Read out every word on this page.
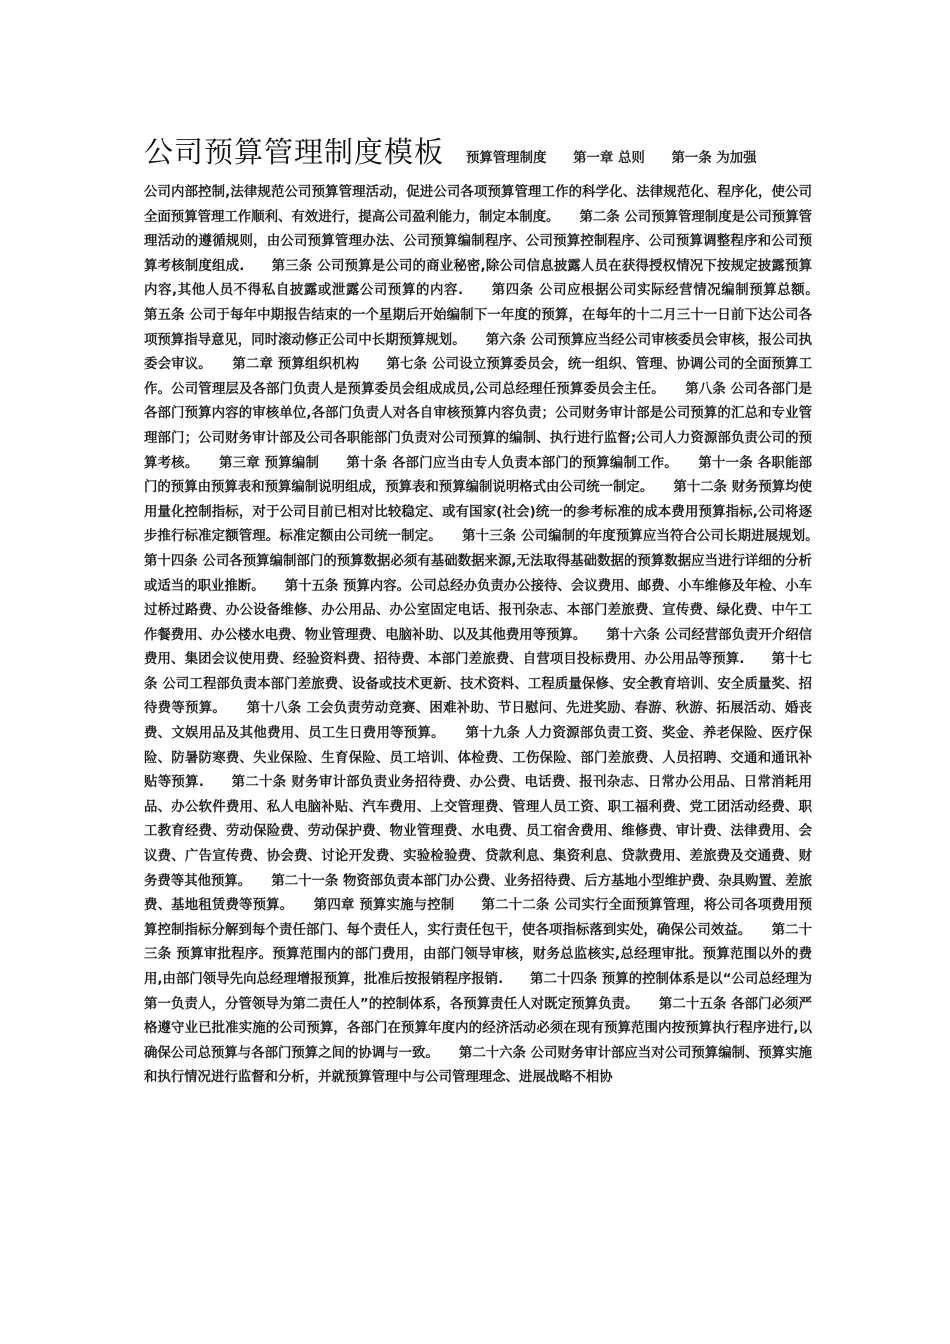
公司预算管理制度模板 预算管理制度　　第一章 总则　　第一条 为加强

公司内部控制,法律规范公司预算管理活动，促进公司各项预算管理工作的科学化、法律规范化、程序化，使公司全面预算管理工作顺利、有效进行，提高公司盈利能力，制定本制度。　　第二条 公司预算管理制度是公司预算管理活动的遵循规则，由公司预算管理办法、公司预算编制程序、公司预算控制程序、公司预算调整程序和公司预算考核制度组成.　　第三条 公司预算是公司的商业秘密,除公司信息披露人员在获得授权情况下按规定披露预算内容,其他人员不得私自披露或泄露公司预算的内容.　　第四条 公司应根据公司实际经营情况编制预算总额。　　第五条 公司于每年中期报告结束的一个星期后开始编制下一年度的预算，在每年的十二月三十一日前下达公司各项预算指导意见，同时滚动修正公司中长期预算规划。　　第六条 公司预算应当经公司审核委员会审核，报公司执委会审议。　　第二章 预算组织机构　　第七条 公司设立预算委员会，统一组织、管理、协调公司的全面预算工作。公司管理层及各部门负责人是预算委员会组成成员,公司总经理任预算委员会主任。　　第八条 公司各部门是各部门预算内容的审核单位,各部门负责人对各自审核预算内容负责；公司财务审计部是公司预算的汇总和专业管理部门；公司财务审计部及公司各职能部门负责对公司预算的编制、执行进行监督;公司人力资源部负责公司的预算考核。　　第三章 预算编制　　第十条 各部门应当由专人负责本部门的预算编制工作。　　第十一条 各职能部门的预算由预算表和预算编制说明组成，预算表和预算编制说明格式由公司统一制定。　　第十二条 财务预算均使用量化控制指标，对于公司目前已相对比较稳定、或有国家(社会)统一的参考标准的成本费用预算指标,公司将逐步推行标准定额管理。标准定额由公司统一制定。　　第十三条 公司编制的年度预算应当符合公司长期进展规划。　　第十四条 公司各预算编制部门的预算数据必须有基础数据来源,无法取得基础数据的预算数据应当进行详细的分析或适当的职业推断。　　第十五条 预算内容。公司总经办负责办公接待、会议费用、邮费、小车维修及年检、小车过桥过路费、办公设备维修、办公用品、办公室固定电话、报刊杂志、本部门差旅费、宣传费、绿化费、中午工作餐费用、办公楼水电费、物业管理费、电脑补助、以及其他费用等预算。　　第十六条 公司经营部负责开介绍信费用、集团会议使用费、经验资料费、招待费、本部门差旅费、自营项目投标费用、办公用品等预算.　　第十七条 公司工程部负责本部门差旅费、设备或技术更新、技术资料、工程质量保修、安全教育培训、安全质量奖、招待费等预算。　　第十八条 工会负责劳动竞赛、困难补助、节日慰问、先进奖励、春游、秋游、拓展活动、婚丧费、文娱用品及其他费用、员工生日费用等预算。　　第十九条 人力资源部负责工资、奖金、养老保险、医疗保险、防暑防寒费、失业保险、生育保险、员工培训、体检费、工伤保险、部门差旅费、人员招聘、交通和通讯补贴等预算.　　第二十条 财务审计部负责业务招待费、办公费、电话费、报刊杂志、日常办公用品、日常消耗用品、办公软件费用、私人电脑补贴、汽车费用、上交管理费、管理人员工资、职工福利费、党工团活动经费、职工教育经费、劳动保险费、劳动保护费、物业管理费、水电费、员工宿舍费用、维修费、审计费、法律费用、会议费、广告宣传费、协会费、讨论开发费、实验检验费、贷款利息、集资利息、贷款费用、差旅费及交通费、财务费等其他预算。　　第二十一条 物资部负责本部门办公费、业务招待费、后方基地小型维护费、杂具购置、差旅费、基地租赁费等预算。　　第四章 预算实施与控制　　第二十二条 公司实行全面预算管理，将公司各项费用预算控制指标分解到每个责任部门、每个责任人，实行责任包干，使各项指标落到实处，确保公司效益。　　第二十三条 预算审批程序。预算范围内的部门费用，由部门领导审核，财务总监核实,总经理审批。预算范围以外的费用,由部门领导先向总经理增报预算，批准后按报销程序报销.　　第二十四条 预算的控制体系是以“公司总经理为第一负责人，分管领导为第二责任人”的控制体系，各预算责任人对既定预算负责。　　第二十五条 各部门必须严格遵守业已批准实施的公司预算，各部门在预算年度内的经济活动必须在现有预算范围内按预算执行程序进行,以确保公司总预算与各部门预算之间的协调与一致。　　第二十六条 公司财务审计部应当对公司预算编制、预算实施和执行情况进行监督和分析，并就预算管理中与公司管理理念、进展战略不相协
